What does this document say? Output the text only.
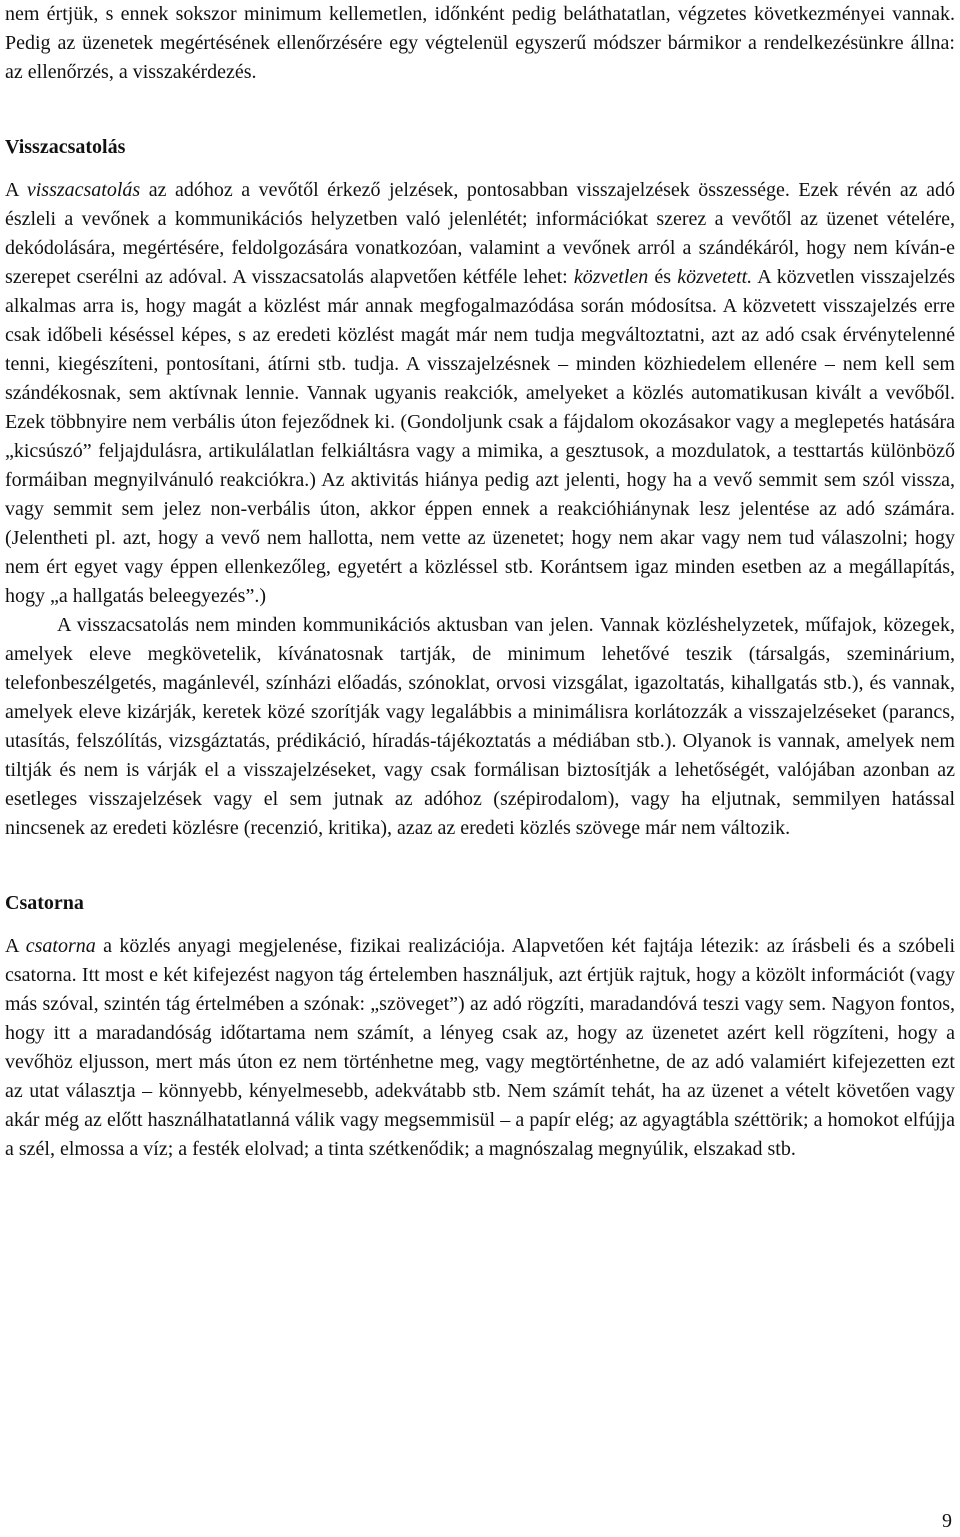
nem értjük, s ennek sokszor minimum kellemetlen, időnként pedig beláthatatlan, végzetes következményei vannak. Pedig az üzenetek megértésének ellenőrzésére egy végtelenül egyszerű módszer bármikor a rendelkezésünkre állna: az ellenőrzés, a visszakérdezés.

Visszacsatolás

A visszacsatolás az adóhoz a vevőtől érkező jelzések, pontosabban visszajelzések összessége. Ezek révén az adó észleli a vevőnek a kommunikációs helyzetben való jelenlétét; információkat szerez a vevőtől az üzenet vételére, dekódolására, megértésére, feldolgozására vonatkozóan, valamint a vevőnek arról a szándékáról, hogy nem kíván-e szerepet cserélni az adóval. A visszacsatolás alapvetően kétféle lehet: közvetlen és közvetett. A közvetlen visszajelzés alkalmas arra is, hogy magát a közlést már annak megfogalmazódása során módosítsa. A közvetett visszajelzés erre csak időbeli késéssel képes, s az eredeti közlést magát már nem tudja megváltoztatni, azt az adó csak érvénytelenné tenni, kiegészíteni, pontosítani, átírni stb. tudja. A visszajelzésnek – minden közhiedelem ellenére – nem kell sem szándékosnak, sem aktívnak lennie. Vannak ugyanis reakciók, amelyeket a közlés automatikusan kivált a vevőből. Ezek többnyire nem verbális úton fejeződnek ki. (Gondoljunk csak a fájdalom okozásakor vagy a meglepetés hatására „kicsúszó” feljajdulásra, artikulálatlan felkiáltásra vagy a mimika, a gesztusok, a mozdulatok, a testtartás különböző formáiban megnyilvánuló reakciókra.) Az aktivitás hiánya pedig azt jelenti, hogy ha a vevő semmit sem szól vissza, vagy semmit sem jelez non-verbális úton, akkor éppen ennek a reakcióhiánynak lesz jelentése az adó számára. (Jelentheti pl. azt, hogy a vevő nem hallotta, nem vette az üzenetet; hogy nem akar vagy nem tud válaszolni; hogy nem ért egyet vagy éppen ellenkezőleg, egyetért a közléssel stb. Korántsem igaz minden esetben az a megállapítás, hogy „a hallgatás beleegyezés”.)

A visszacsatolás nem minden kommunikációs aktusban van jelen. Vannak közléshelyzetek, műfajok, közegek, amelyek eleve megkövetelik, kívánatosnak tartják, de minimum lehetővé teszik (társalgás, szeminárium, telefonbeszélgetés, magánlevél, színházi előadás, szónoklat, orvosi vizsgálat, igazoltatás, kihallgatás stb.), és vannak, amelyek eleve kizárják, keretek közé szorítják vagy legalábbis a minimálisra korlátozzák a visszajelzéseket (parancs, utasítás, felszólítás, vizsgáztatás, prédikáció, híradás-tájékoztatás a médiában stb.). Olyanok is vannak, amelyek nem tiltják és nem is várják el a visszajelzéseket, vagy csak formálisan biztosítják a lehetőségét, valójában azonban az esetleges visszajelzések vagy el sem jutnak az adóhoz (szépirodalom), vagy ha eljutnak, semmilyen hatással nincsenek az eredeti közlésre (recenzió, kritika), azaz az eredeti közlés szövege már nem változik.

Csatorna

A csatorna a közlés anyagi megjelenése, fizikai realizációja. Alapvetően két fajtája létezik: az írásbeli és a szóbeli csatorna. Itt most e két kifejezést nagyon tág értelemben használjuk, azt értjük rajtuk, hogy a közölt információt (vagy más szóval, szintén tág értelmében a szónak: „szöveget”) az adó rögzíti, maradandóvá teszi vagy sem. Nagyon fontos, hogy itt a maradandóság időtartama nem számít, a lényeg csak az, hogy az üzenetet azért kell rögzíteni, hogy a vevőhöz eljusson, mert más úton ez nem történhetne meg, vagy megtörténhetne, de az adó valamiért kifejezetten ezt az utat választja – könnyebb, kényelmesebb, adekvátabb stb. Nem számít tehát, ha az üzenet a vételt követően vagy akár még az előtt használhatatlanná válik vagy megsemmisül – a papír elég; az agyagtábla széttörik; a homokot elfújja a szél, elmossa a víz; a festék elolvad; a tinta szétkenődik; a magnószalag megnyúlik, elszakad stb.

9
